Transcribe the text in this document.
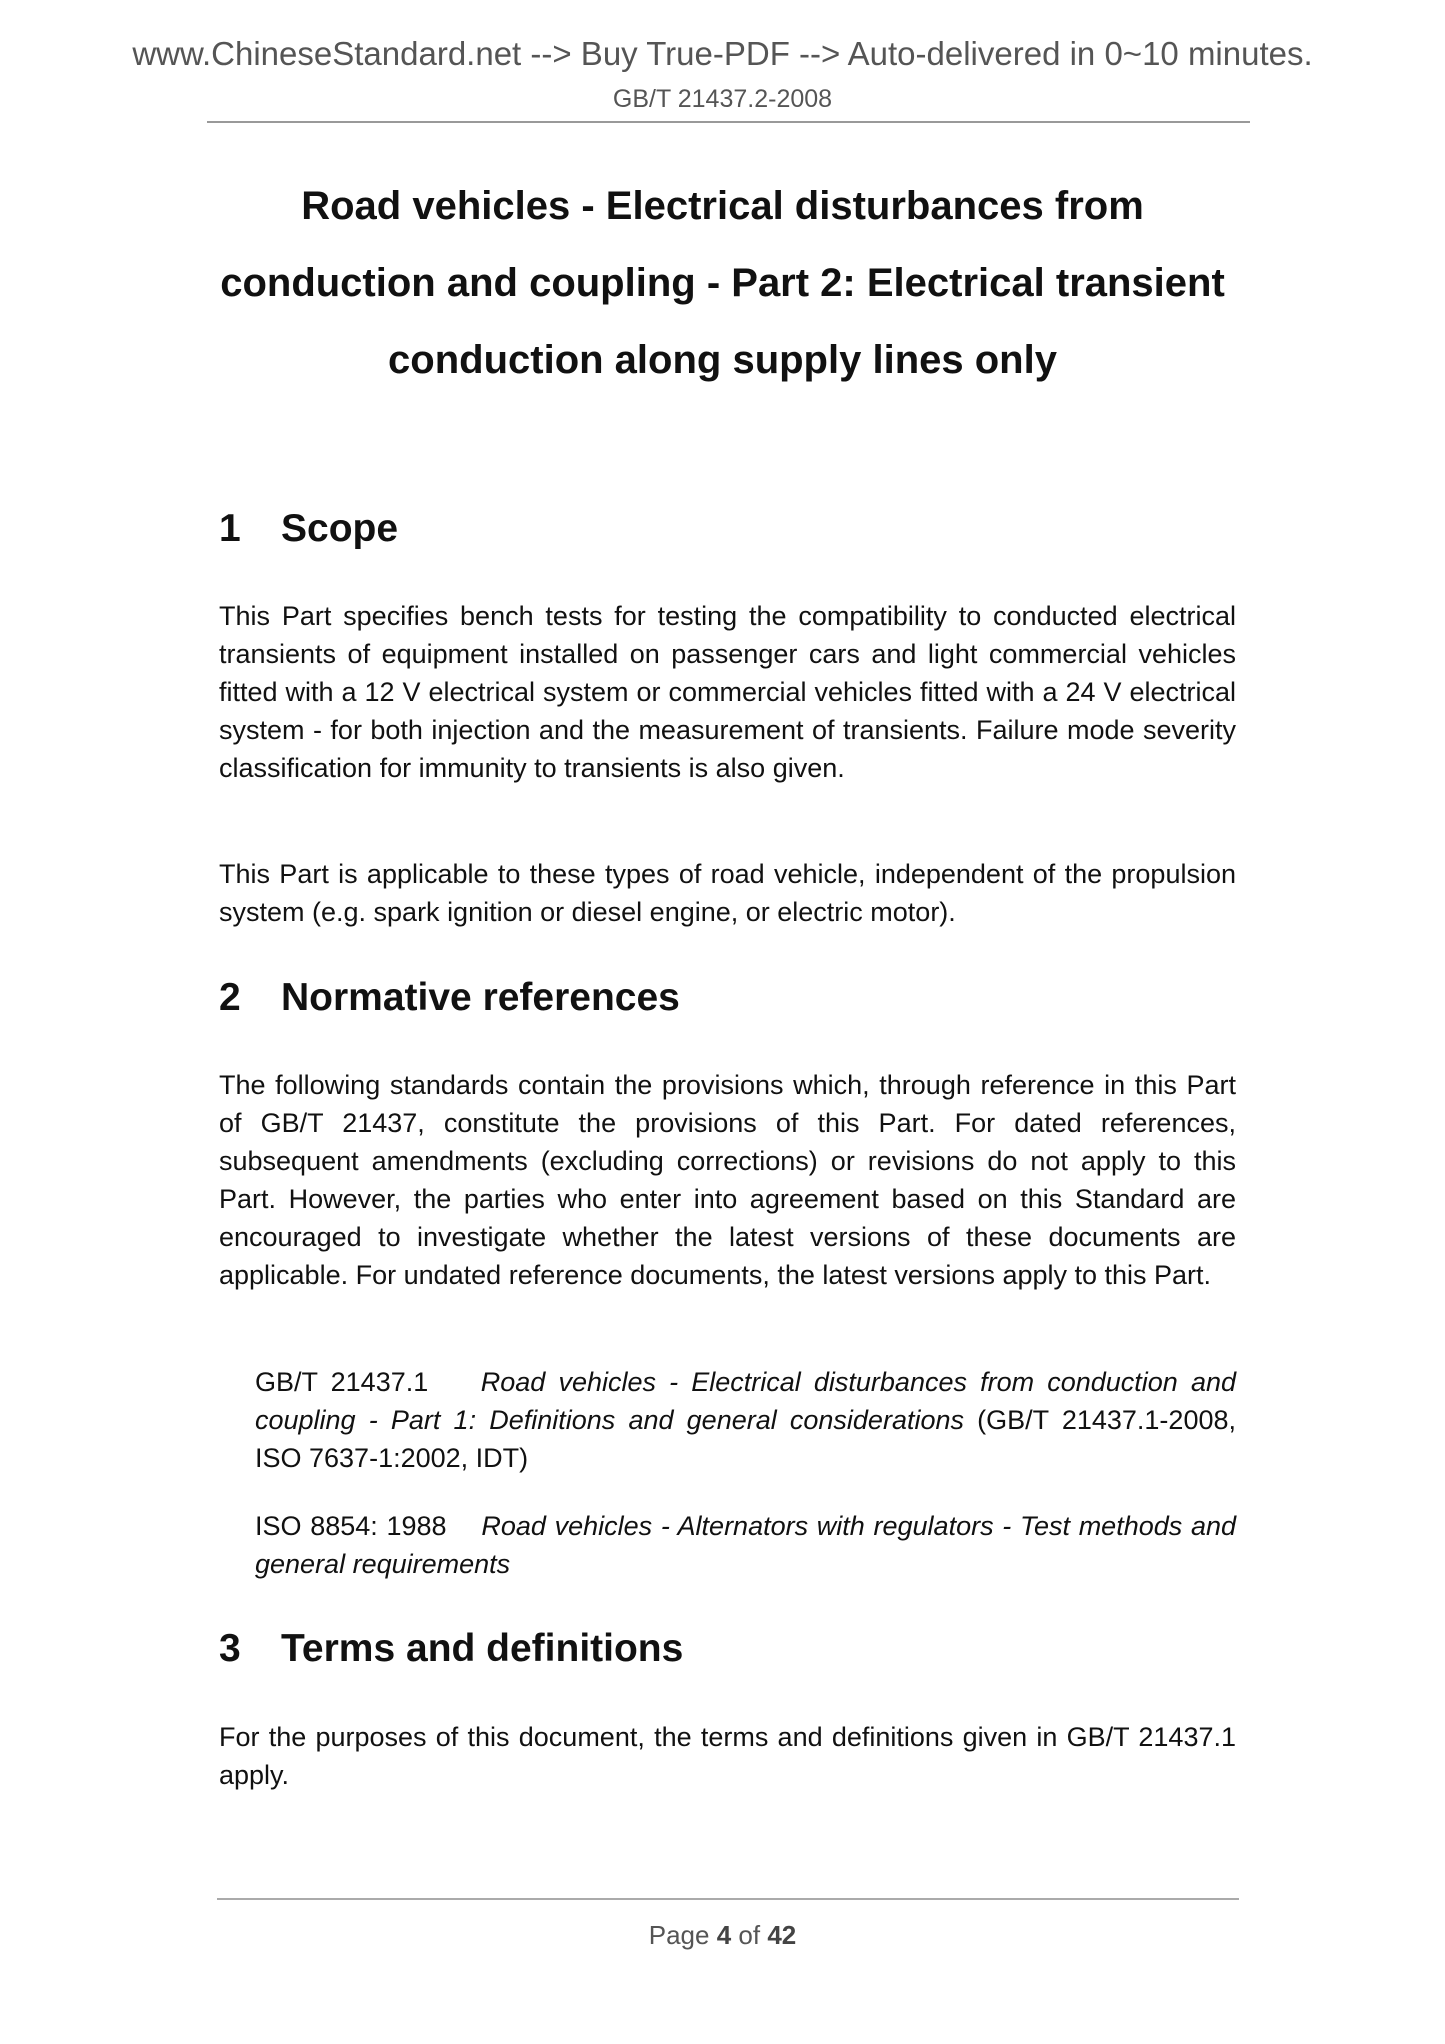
www.ChineseStandard.net --> Buy True-PDF --> Auto-delivered in 0~10 minutes.
GB/T 21437.2-2008
Road vehicles - Electrical disturbances from
conduction and coupling - Part 2: Electrical transient
conduction along supply lines only
1 Scope

This Part specifies bench tests for testing the compatibility to conducted electrical transients of equipment installed on passenger cars and light commercial vehicles fitted with a 12 V electrical system or commercial vehicles fitted with a 24 V electrical system - for both injection and the measurement of transients. Failure mode severity classification for immunity to transients is also given.

This Part is applicable to these types of road vehicle, independent of the propulsion system (e.g. spark ignition or diesel engine, or electric motor).

2 Normative references

The following standards contain the provisions which, through reference in this Part of GB/T 21437, constitute the provisions of this Part. For dated references, subsequent amendments (excluding corrections) or revisions do not apply to this Part. However, the parties who enter into agreement based on this Standard are encouraged to investigate whether the latest versions of these documents are applicable. For undated reference documents, the latest versions apply to this Part.

GB/T 21437.1 Road vehicles - Electrical disturbances from conduction and coupling - Part 1: Definitions and general considerations (GB/T 21437.1-2008, ISO 7637-1:2002, IDT)

ISO 8854: 1988 Road vehicles - Alternators with regulators - Test methods and general requirements

3 Terms and definitions

For the purposes of this document, the terms and definitions given in GB/T 21437.1 apply.

Page 4 of 42
